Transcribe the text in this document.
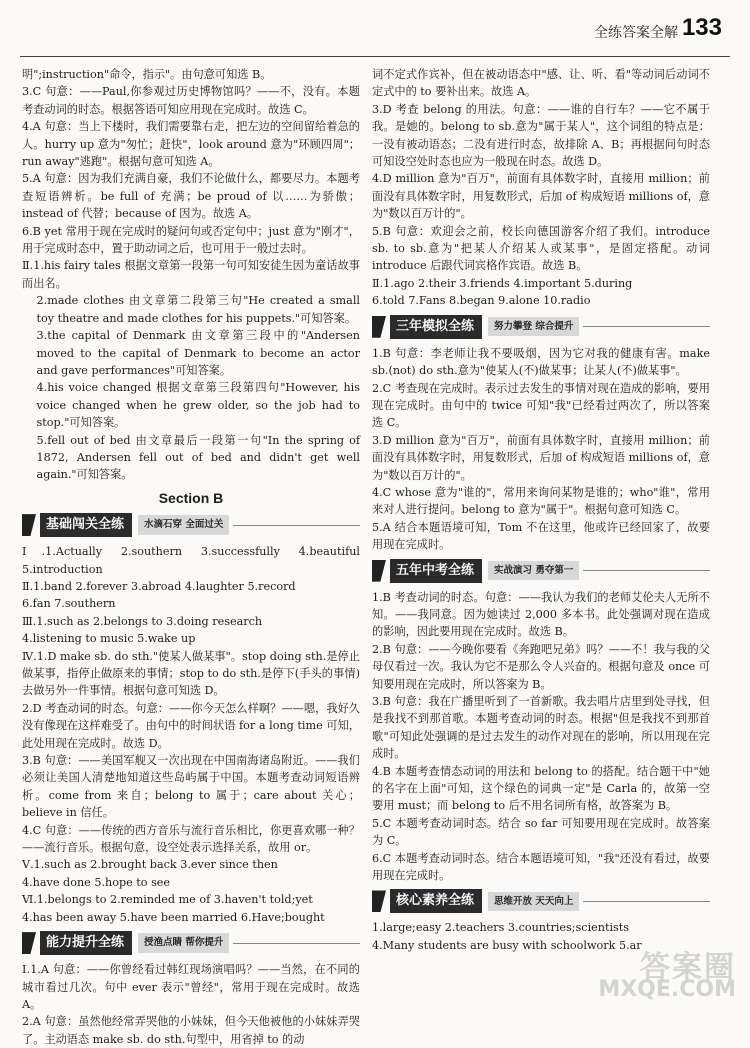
全练答案全解 133

明";instruction"命令，指示"。由句意可知选 B。

3.C 句意：——Paul,你参观过历史博物馆吗？——不，没有。本题考查动词的时态。根据答语可知应用现在完成时。故选 C。

4.A 句意：当上下楼时，我们需要靠右走，把左边的空间留给着急的人。hurry up 意为"匆忙；赶快"，look around 意为"环顾四周"；run away"逃跑"。根据句意可知选 A。

5.A 句意：因为我们充满自豪，我们不论做什么，都要尽力。本题考查短语辨析。be full of 充满；be proud of 以……为骄傲；instead of 代替；because of 因为。故选 A。

6.B yet 常用于现在完成时的疑问句或否定句中；just 意为"刚才"，用于完成时态中，置于助动词之后，也可用于一般过去时。

Ⅱ.1.his fairy tales 根据文章第一段第一句可知安徒生因为童话故事而出名。

2.made clothes 由文章第二段第三句"He created a small toy theatre and made clothes for his puppets."可知答案。

3.the capital of Denmark 由文章第三段中的"Andersen moved to the capital of Denmark to become an actor and gave performances"可知答案。

4.his voice changed 根据文章第三段第四句"However, his voice changed when he grew older, so the job had to stop."可知答案。

5.fell out of bed 由文章最后一段第一句"In the spring of 1872, Andersen fell out of bed and didn't get well again."可知答案。

Section B
基础闯关全练	水滴石穿 全面过关

Ⅰ.1.Actually 2.southern 3.successfully 4.beautiful 5.introduction

Ⅱ.1.band 2.forever 3.abroad 4.laughter 5.record

6.fan 7.southern

Ⅲ.1.such as 2.belongs to 3.doing research

4.listening to music 5.wake up

Ⅳ.1.D make sb. do sth."使某人做某事"。stop doing sth.是停止做某事，指停止做原来的事情；stop to do sth.是停下(手头的事情)去做另外一件事情。根据句意可知选 D。

2.D 考查动词的时态。句意：——你今天怎么样啊？——嗯，我好久没有像现在这样难受了。由句中的时间状语 for a long time 可知，此处用现在完成时。故选 D。

3.B 句意：——美国军舰又一次出现在中国南海诸岛附近。——我们必须让美国人清楚地知道这些岛屿属于中国。本题考查动词短语辨析。come from 来自；belong to 属于；care about 关心；believe in 信任。

4.C 句意：——传统的西方音乐与流行音乐相比，你更喜欢哪一种？——流行音乐。根据句意，设空处表示选择关系，故用 or。

Ⅴ.1.such as 2.brought back 3.ever since then

4.have done 5.hope to see

Ⅵ.1.belongs to 2.reminded me of 3.haven't told;yet

4.has been away 5.have been married 6.Have;bought

能力提升全练	授渔点睛 帮你提升

Ⅰ.1.A 句意：——你曾经看过韩红现场演唱吗？——当然，在不同的城市看过几次。句中 ever 表示"曾经"，常用于现在完成时。故选 A。

2.A 句意：虽然他经常弄哭他的小妹妹，但今天他被他的小妹妹弄哭了。主动语态 make sb. do sth.句型中，用省掉 to 的动

词不定式作宾补，但在被动语态中"感、让、听、看"等动词后动词不定式中的 to 要补出来。故选 A。

3.D 考查 belong 的用法。句意：——谁的自行车？——它不属于我。是她的。belong to sb.意为"属于某人"，这个词组的特点是：一没有被动语态；二没有进行时态，故排除 A、B；再根据问句时态可知设空处时态也应为一般现在时态。故选 D。

4.D million 意为"百万"，前面有具体数字时，直接用 million；前面没有具体数字时，用复数形式，后加 of 构成短语 millions of，意为"数以百万计的"。

5.B 句意：欢迎会之前，校长向德国游客介绍了我们。introduce sb. to sb.意为"把某人介绍某人或某事"，是固定搭配。动词 introduce 后跟代词宾格作宾语。故选 B。

Ⅱ.1.ago 2.their 3.friends 4.important 5.during

6.told 7.Fans 8.began 9.alone 10.radio

三年模拟全练	努力攀登 综合提升

1.B 句意：李老师让我不要吸烟，因为它对我的健康有害。make sb.(not) do sth.意为"使某人(不)做某事；让某人(不)做某事"。

2.C 考查现在完成时。表示过去发生的事情对现在造成的影响，要用现在完成时。由句中的 twice 可知"我"已经看过两次了，所以答案选 C。

3.D million 意为"百万"，前面有具体数字时，直接用 million；前面没有具体数字时，用复数形式，后加 of 构成短语 millions of，意为"数以百万计的"。

4.C whose 意为"谁的"，常用来询问某物是谁的；who"谁"，常用来对人进行提问。belong to 意为"属于"。根据句意可知选 C。

5.A 结合本题语境可知，Tom 不在这里，他或许已经回家了，故要用现在完成时。

五年中考全练	实战演习 勇夺第一

1.B 考查动词的时态。句意：——我认为我们的老师艾伦夫人无所不知。——我同意。因为她读过 2,000 多本书。此处强调对现在造成的影响，因此要用现在完成时。故选 B。

2.B 句意：——今晚你要看《奔跑吧兄弟》吗？——不！我与我的父母仅看过一次。我认为它不是那么令人兴奋的。根据句意及 once 可知要用现在完成时，所以答案为 B。

3.B 句意：我在广播里听到了一首新歌。我去唱片店里到处寻找，但是我找不到那首歌。本题考查动词的时态。根据"但是我找不到那首歌"可知此处强调的是过去发生的动作对现在的影响，所以用现在完成时。

4.B 本题考查情态动词的用法和 belong to 的搭配。结合题干中"她的名字在上面"可知，这个绿色的词典一定"是 Carla 的，故第一空要用 must；而 belong to 后不用名词所有格，故答案为 B。

5.C 本题考查动词时态。结合 so far 可知要用现在完成时。故答案为 C。

6.C 本题考查动词时态。结合本题语境可知，"我"还没有看过，故要用现在完成时。

核心素养全练	思维开放 天天向上

1.large;easy 2.teachers 3.countries;scientists

4.Many students are busy with schoolwork 5.ar

答案圈
MXQE.COM
